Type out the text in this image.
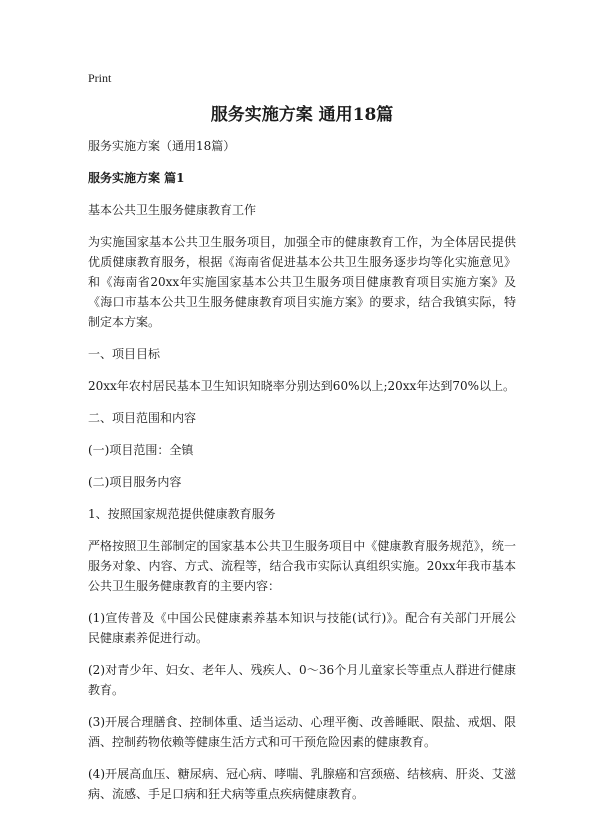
Print
服务实施方案 通用18篇

服务实施方案（通用18篇）

服务实施方案 篇1

基本公共卫生服务健康教育工作

为实施国家基本公共卫生服务项目，加强全市的健康教育工作，为全体居民提供优质健康教育服务，根据《海南省促进基本公共卫生服务逐步均等化实施意见》和《海南省20xx年实施国家基本公共卫生服务项目健康教育项目实施方案》及《海口市基本公共卫生服务健康教育项目实施方案》的要求，结合我镇实际，特制定本方案。

一、项目目标

20xx年农村居民基本卫生知识知晓率分别达到60%以上;20xx年达到70%以上。

二、项目范围和内容

(一)项目范围：全镇

(二)项目服务内容

1、按照国家规范提供健康教育服务

严格按照卫生部制定的国家基本公共卫生服务项目中《健康教育服务规范》，统一服务对象、内容、方式、流程等，结合我市实际认真组织实施。20xx年我市基本公共卫生服务健康教育的主要内容：

(1)宣传普及《中国公民健康素养基本知识与技能(试行)》。配合有关部门开展公民健康素养促进行动。

(2)对青少年、妇女、老年人、残疾人、0～36个月儿童家长等重点人群进行健康教育。

(3)开展合理膳食、控制体重、适当运动、心理平衡、改善睡眠、限盐、戒烟、限酒、控制药物依赖等健康生活方式和可干预危险因素的健康教育。

(4)开展高血压、糖尿病、冠心病、哮喘、乳腺癌和宫颈癌、结核病、肝炎、艾滋病、流感、手足口病和狂犬病等重点疾病健康教育。
